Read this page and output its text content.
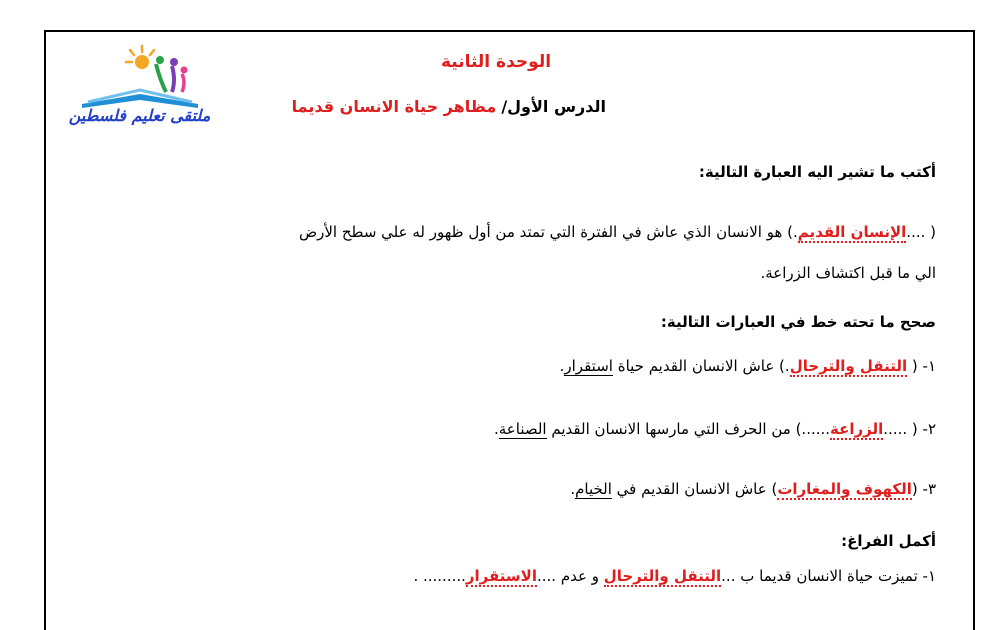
ملتقى تعليم فلسطين
الوحدة الثانية
الدرس الأول/ مظاهر حياة الانسان قديما
أكتب ما تشير اليه العبارة التالية:
( ....الإنسان القديم.) هو الانسان الذي عاش في الفترة التي تمتد من أول ظهور له علي سطح الأرض
الي ما قبل اكتشاف الزراعة.
صحح ما تحته خط في العبارات التالية:
١- ( التنقل والترحال.) عاش الانسان القديم حياة استقرار.
٢- ( .....الزراعة......) من الحرف التي مارسها الانسان القديم الصناعة.
٣- (الكهوف والمغارات) عاش الانسان القديم في الخيام.
أكمل الفراغ:
١- تميزت حياة الانسان قديما ب ...التنقل والترحال و عدم ....الاستقرار......... .
